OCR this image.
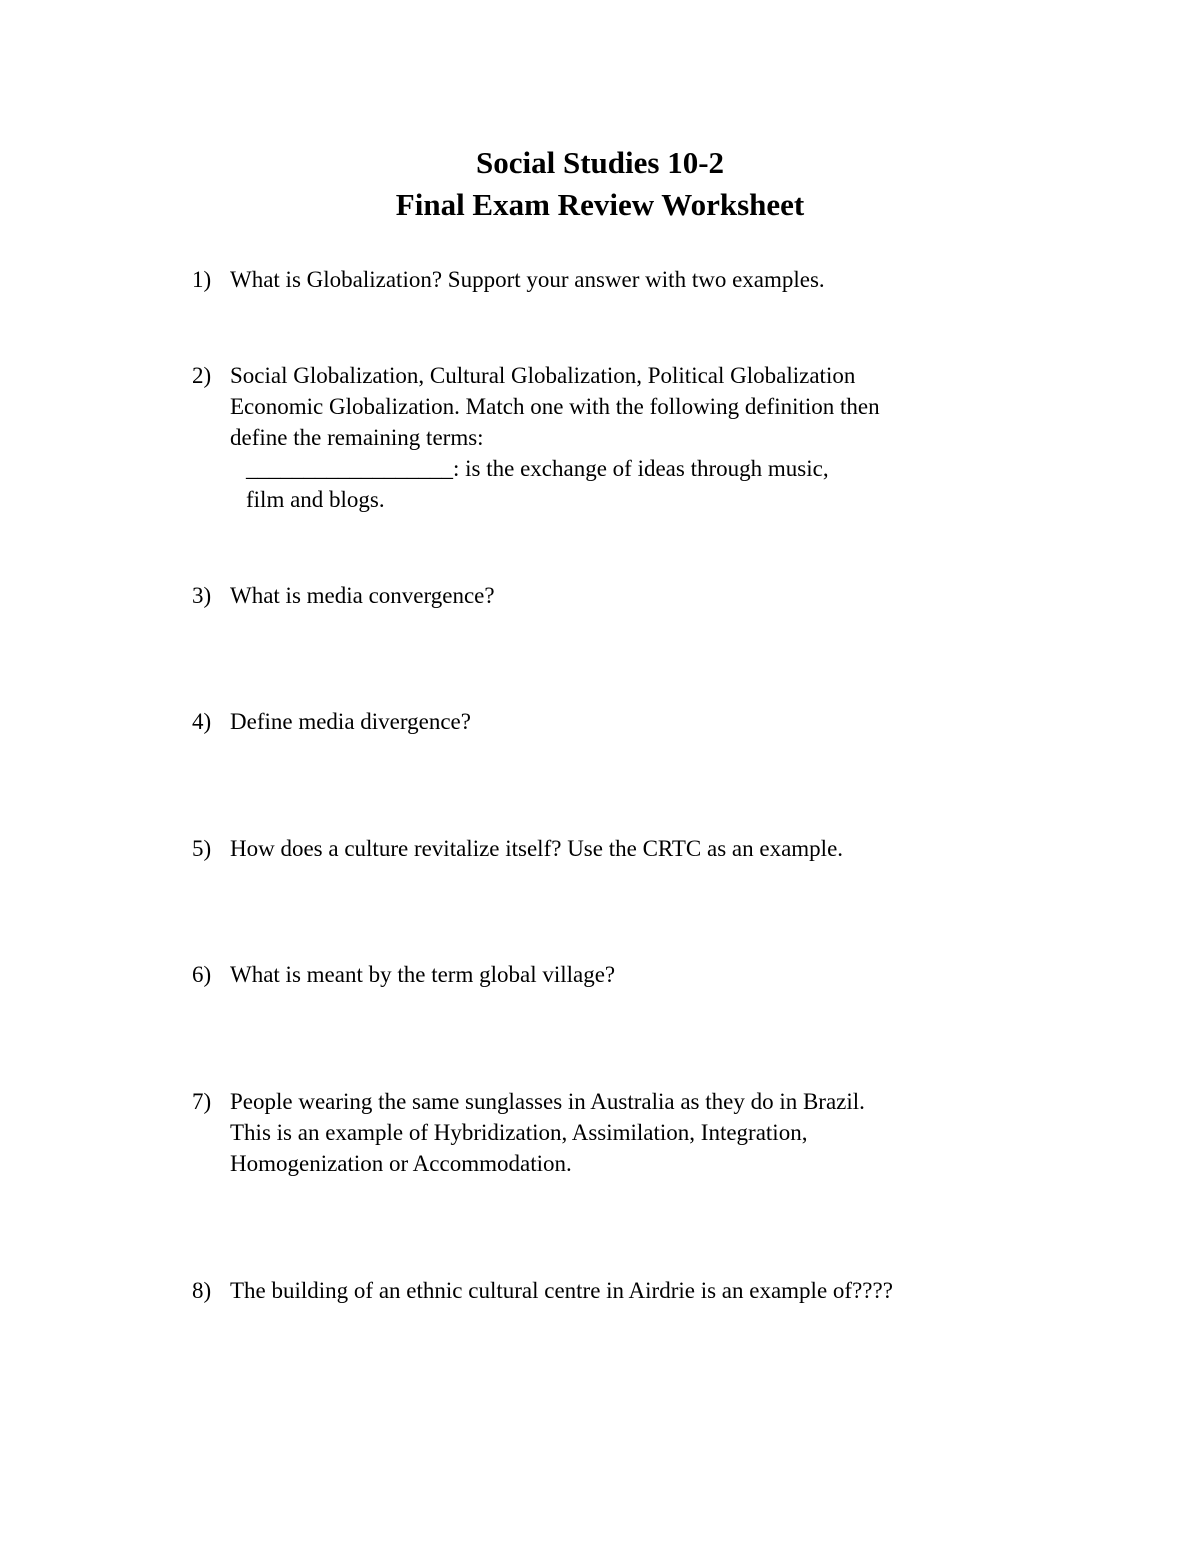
Social Studies 10-2
Final Exam Review Worksheet
1) What is Globalization? Support your answer with two examples.
2) Social Globalization, Cultural Globalization, Political Globalization
Economic Globalization. Match one with the following definition then
define the remaining terms:
__________________: is the exchange of ideas through music,
film and blogs.
3) What is media convergence?
4) Define media divergence?
5) How does a culture revitalize itself? Use the CRTC as an example.
6) What is meant by the term global village?
7) People wearing the same sunglasses in Australia as they do in Brazil.
This is an example of Hybridization, Assimilation, Integration,
Homogenization or Accommodation.
8) The building of an ethnic cultural centre in Airdrie is an example of????
